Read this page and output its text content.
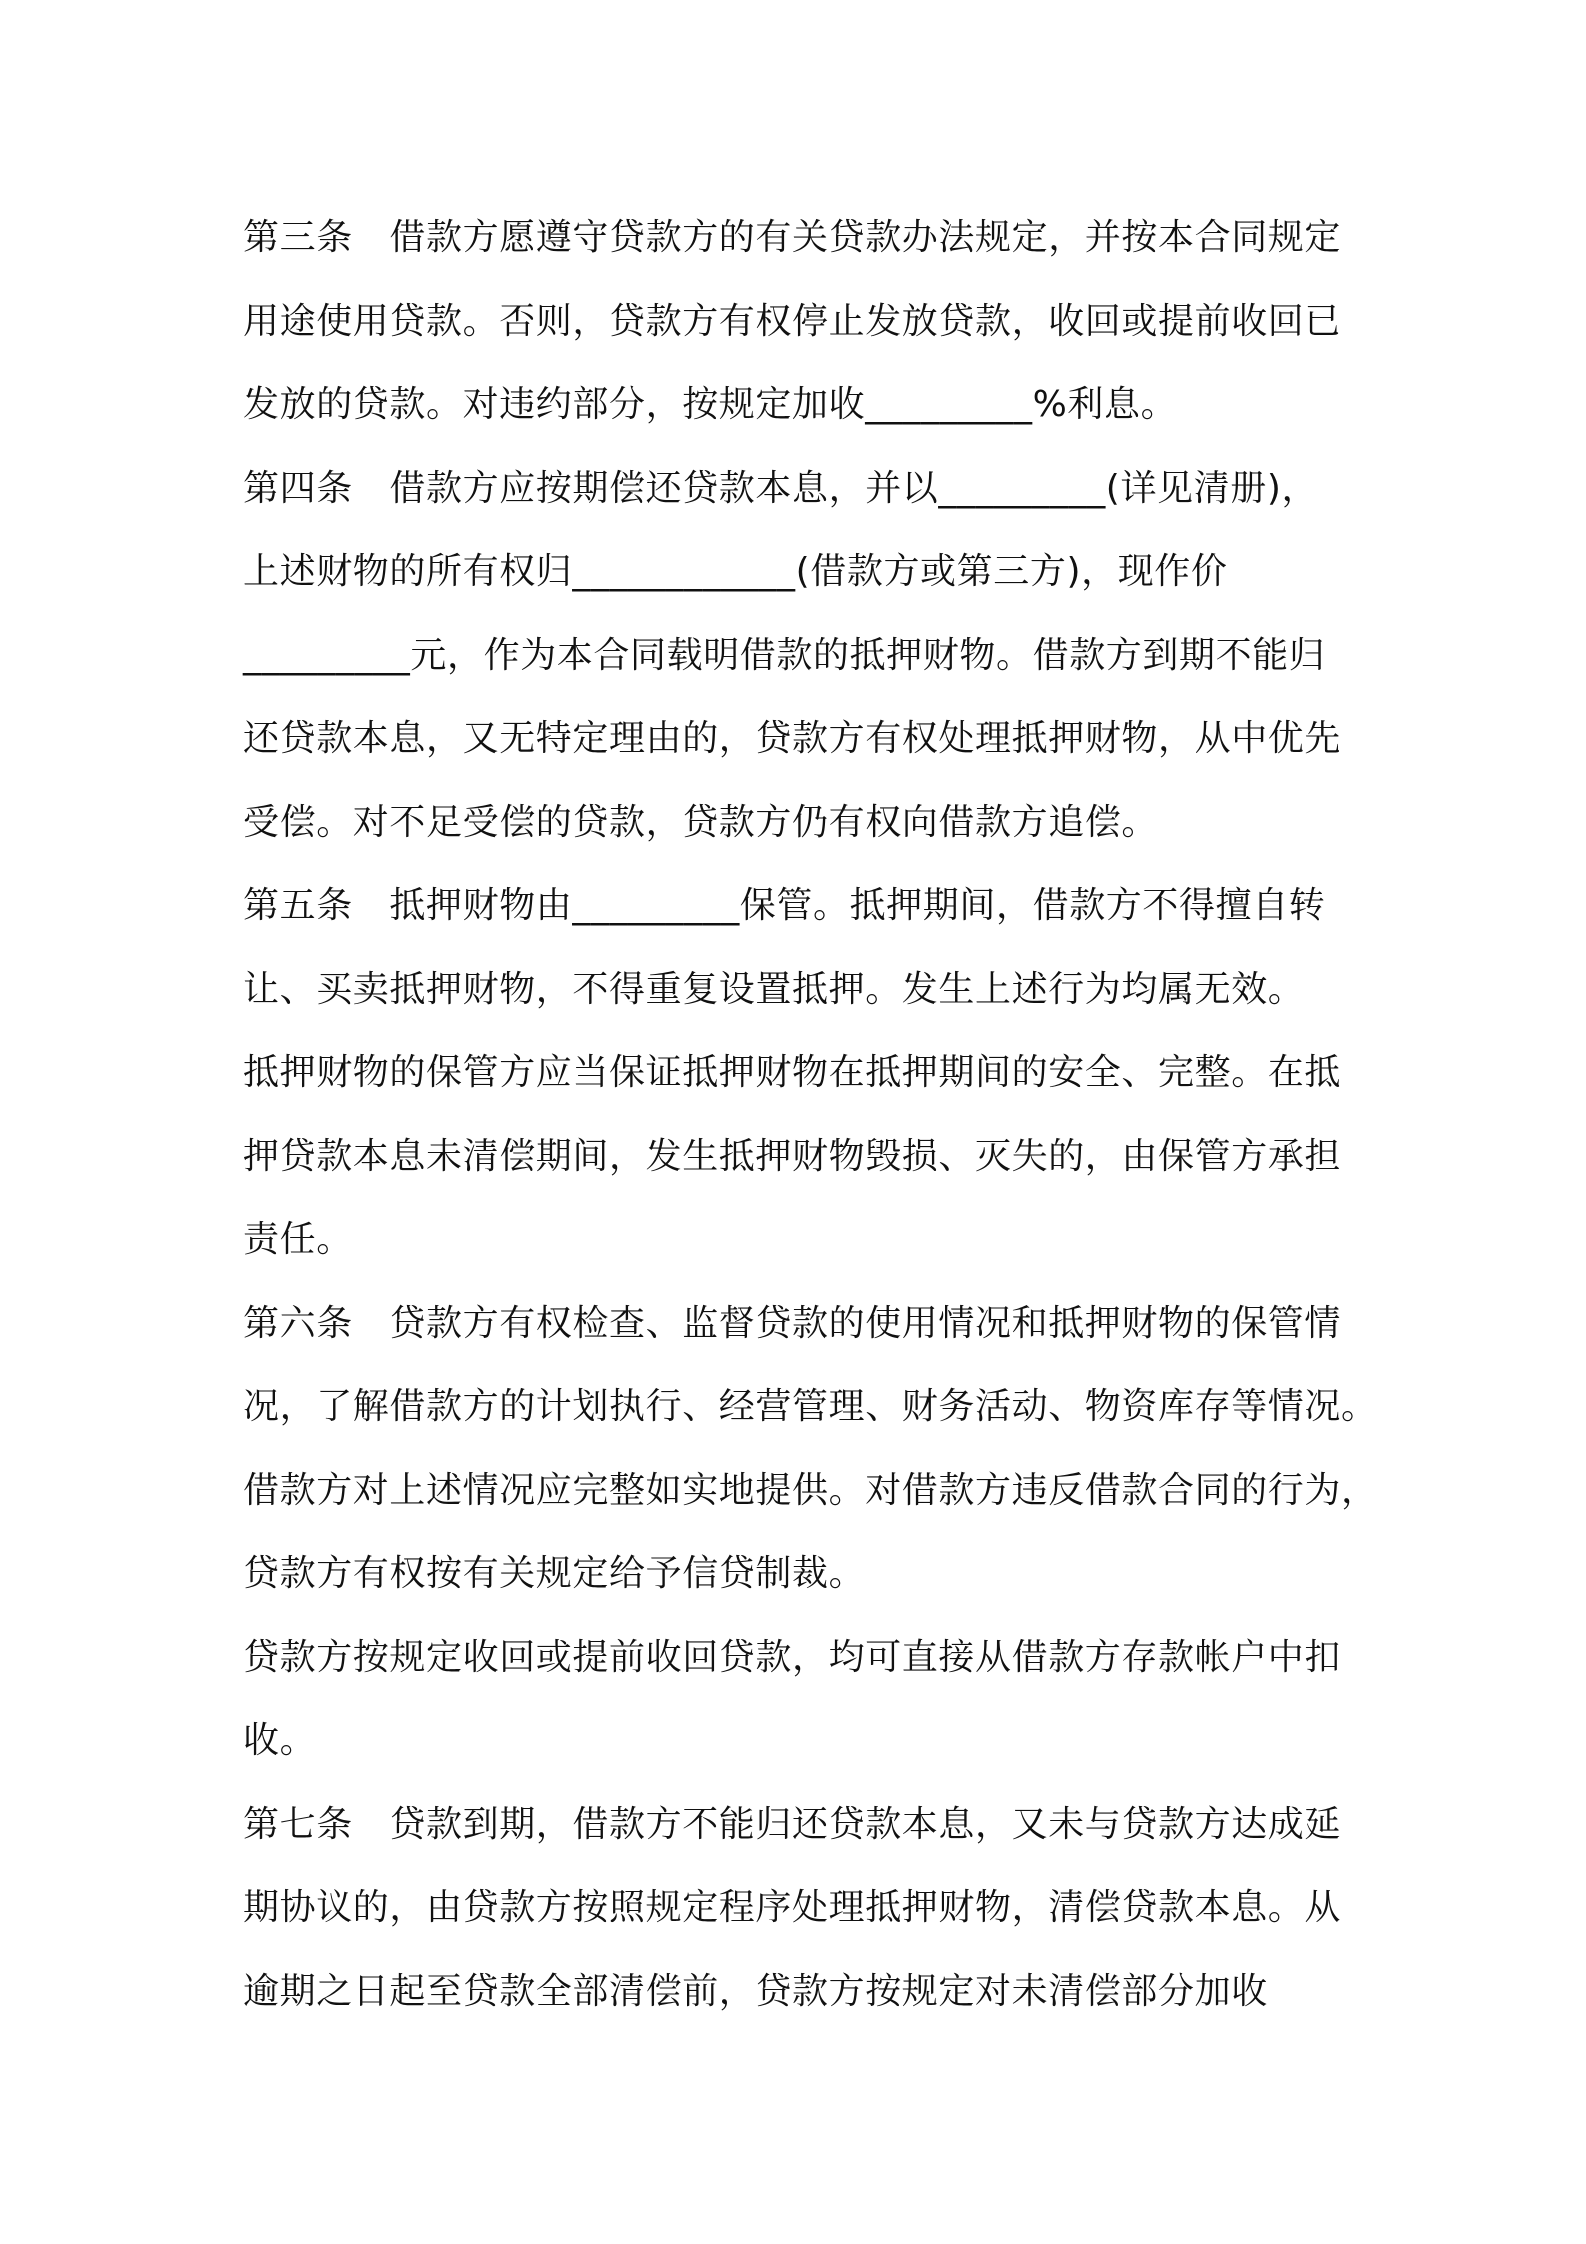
第三条　借款方愿遵守贷款方的有关贷款办法规定，并按本合同规定
用途使用贷款。否则，贷款方有权停止发放贷款，收回或提前收回已
发放的贷款。对违约部分，按规定加收_________%利息。
第四条　借款方应按期偿还贷款本息，并以_________(详见清册)，
上述财物的所有权归____________(借款方或第三方)，现作价
_________元，作为本合同载明借款的抵押财物。借款方到期不能归
还贷款本息，又无特定理由的，贷款方有权处理抵押财物，从中优先
受偿。对不足受偿的贷款，贷款方仍有权向借款方追偿。
第五条　抵押财物由_________保管。抵押期间，借款方不得擅自转
让、买卖抵押财物，不得重复设置抵押。发生上述行为均属无效。
抵押财物的保管方应当保证抵押财物在抵押期间的安全、完整。在抵
押贷款本息未清偿期间，发生抵押财物毁损、灭失的，由保管方承担
责任。
第六条　贷款方有权检查、监督贷款的使用情况和抵押财物的保管情
况，了解借款方的计划执行、经营管理、财务活动、物资库存等情况。
借款方对上述情况应完整如实地提供。对借款方违反借款合同的行为，
贷款方有权按有关规定给予信贷制裁。
贷款方按规定收回或提前收回贷款，均可直接从借款方存款帐户中扣
收。
第七条　贷款到期，借款方不能归还贷款本息，又未与贷款方达成延
期协议的，由贷款方按照规定程序处理抵押财物，清偿贷款本息。从
逾期之日起至贷款全部清偿前，贷款方按规定对未清偿部分加收
